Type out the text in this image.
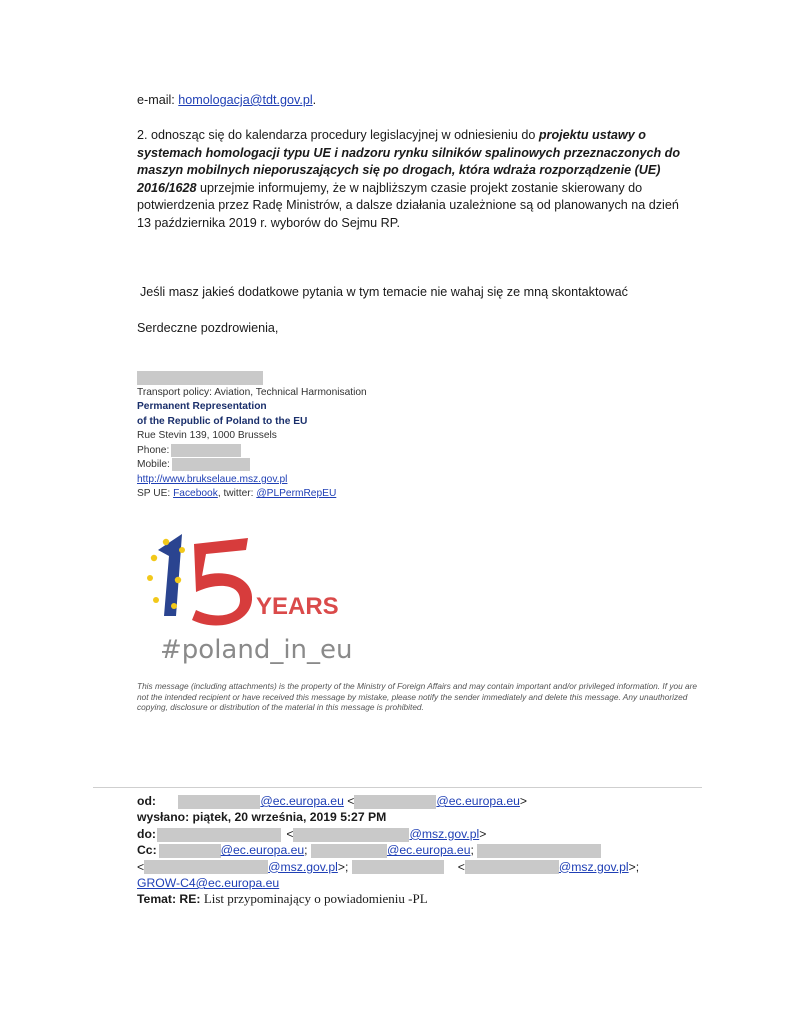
e-mail: homologacja@tdt.gov.pl.
2. odnosząc się do kalendarza procedury legislacyjnej w odniesieniu do projektu ustawy o systemach homologacji typu UE i nadzoru rynku silników spalinowych przeznaczonych do maszyn mobilnych nieporuszających się po drogach, która wdraża rozporządzenie (UE) 2016/1628 uprzejmie informujemy, że w najbliższym czasie projekt zostanie skierowany do potwierdzenia przez Radę Ministrów, a dalsze działania uzależnione są od planowanych na dzień 13 października 2019 r. wyborów do Sejmu RP.
Jeśli masz jakieś dodatkowe pytania w tym temacie nie wahaj się ze mną skontaktować
Serdeczne pozdrowienia,
Transport policy: Aviation, Technical Harmonisation
Permanent Representation
of the Republic of Poland to the EU
Rue Stevin 139, 1000 Brussels
Phone:
Mobile:
http://www.brukselaue.msz.gov.pl
SP UE: Facebook, twitter: @PLPermRepEU
YEARS
#poland_in_eu
This message (including attachments) is the property of the Ministry of Foreign Affairs and may contain important and/or privileged information. If you are not the intended recipient or have received this message by mistake, please notify the sender immediately and delete this message. Any unauthorized copying, disclosure or distribution of the material in this message is prohibited.
od:	@ec.europa.eu <	@ec.europa.eu>
wysłano: piątek, 20 września, 2019 5:27 PM
do:	<	@msz.gov.pl>
Cc:	@ec.europa.eu;	@ec.europa.eu;
<	@msz.gov.pl>;	<	@msz.gov.pl>;
GROW-C4@ec.europa.eu
Temat: RE: List przypominający o powiadomieniu -PL
